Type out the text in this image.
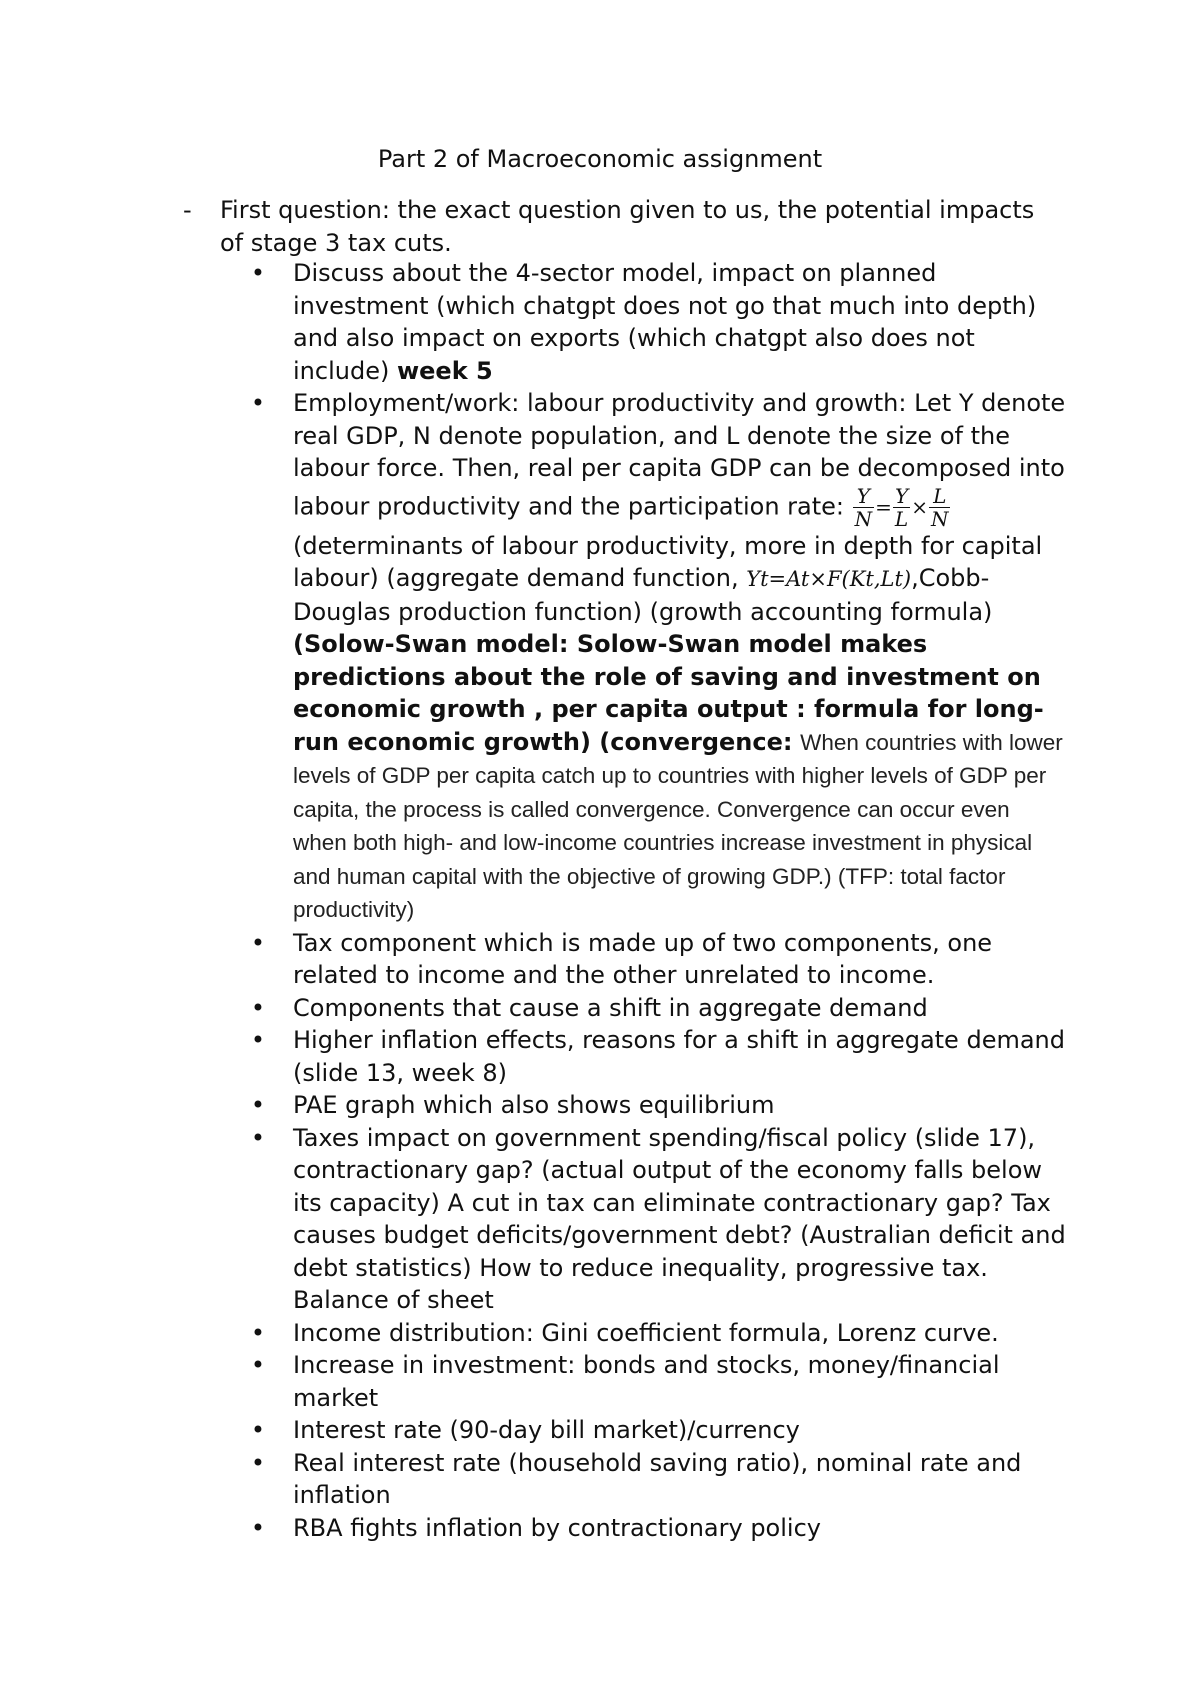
Part 2 of Macroeconomic assignment
- First question: the exact question given to us, the potential impacts of stage 3 tax cuts.
• Discuss about the 4-sector model, impact on planned investment (which chatgpt does not go that much into depth) and also impact on exports (which chatgpt also does not include) week 5
• Employment/work: labour productivity and growth: Let Y denote real GDP, N denote population, and L denote the size of the labour force. Then, real per capita GDP can be decomposed into labour productivity and the participation rate: $\frac{Y}{N} = \frac{Y}{L} \times \frac{L}{N}$
(determinants of labour productivity, more in depth for capital labour) (aggregate demand function, Yt=At×F(Kt,Lt),Cobb-Douglas production function) (growth accounting formula) (Solow-Swan model: Solow-Swan model makes predictions about the role of saving and investment on economic growth , per capita output : formula for long-run economic growth) (convergence: When countries with lower levels of GDP per capita catch up to countries with higher levels of GDP per capita, the process is called convergence. Convergence can occur even when both high- and low-income countries increase investment in physical and human capital with the objective of growing GDP.) (TFP: total factor productivity)
• Tax component which is made up of two components, one related to income and the other unrelated to income.
• Components that cause a shift in aggregate demand
• Higher inflation effects, reasons for a shift in aggregate demand (slide 13, week 8)
• PAE graph which also shows equilibrium
• Taxes impact on government spending/fiscal policy (slide 17), contractionary gap? (actual output of the economy falls below its capacity) A cut in tax can eliminate contractionary gap? Tax causes budget deficits/government debt? (Australian deficit and debt statistics) How to reduce inequality, progressive tax. Balance of sheet
• Income distribution: Gini coefficient formula, Lorenz curve.
• Increase in investment: bonds and stocks, money/financial market
• Interest rate (90-day bill market)/currency
• Real interest rate (household saving ratio), nominal rate and inflation
• RBA fights inflation by contractionary policy
